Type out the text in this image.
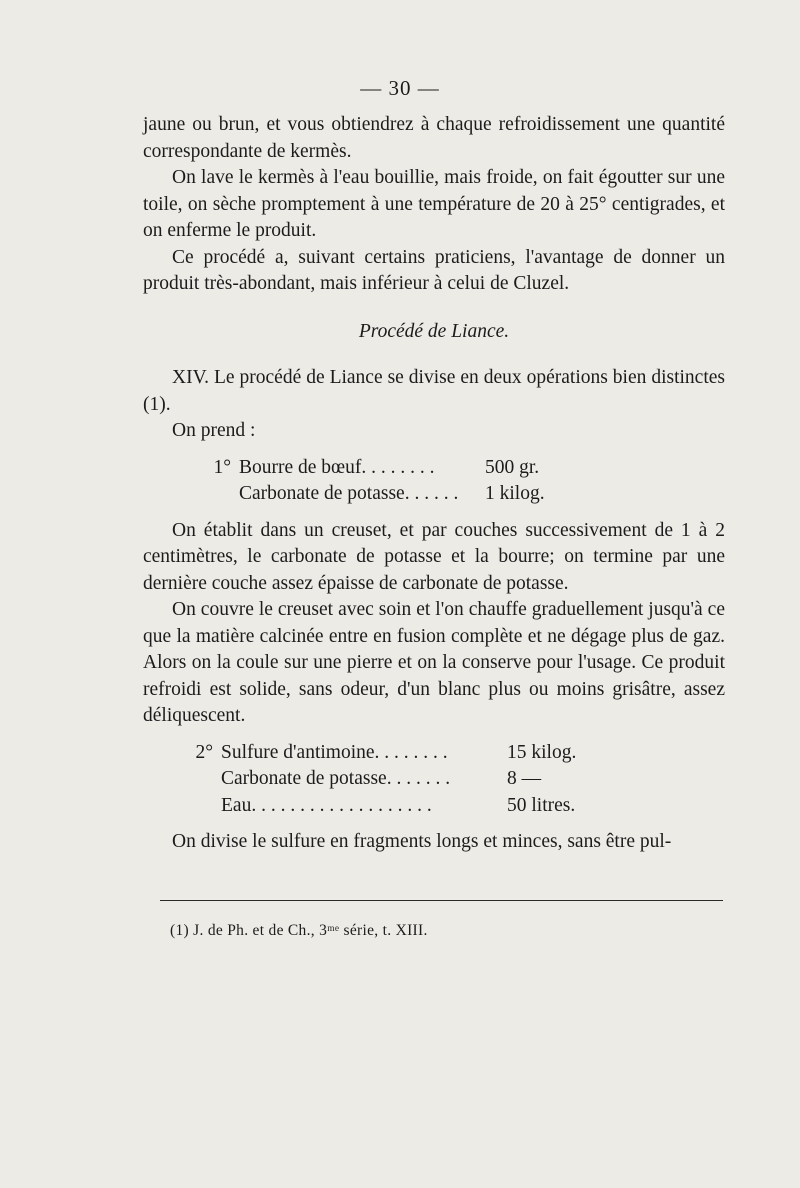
— 30 —

jaune ou brun, et vous obtiendrez à chaque refroidissement une quantité correspondante de kermès.

On lave le kermès à l'eau bouillie, mais froide, on fait égoutter sur une toile, on sèche promptement à une température de 20 à 25° centigrades, et on enferme le produit.

Ce procédé a, suivant certains praticiens, l'avantage de donner un produit très-abondant, mais inférieur à celui de Cluzel.

Procédé de Liance.

XIV. Le procédé de Liance se divise en deux opérations bien distinctes (1).

On prend :

1° Bourre de bœuf. . . . . . . .	500 gr.
Carbonate de potasse. . . . . .	1 kilog.

On établit dans un creuset, et par couches successivement de 1 à 2 centimètres, le carbonate de potasse et la bourre; on termine par une dernière couche assez épaisse de carbonate de potasse.

On couvre le creuset avec soin et l'on chauffe graduellement jusqu'à ce que la matière calcinée entre en fusion complète et ne dégage plus de gaz. Alors on la coule sur une pierre et on la conserve pour l'usage. Ce produit refroidi est solide, sans odeur, d'un blanc plus ou moins grisâtre, assez déliquescent.

2° Sulfure d'antimoine. . . . . . . .	15 kilog.
Carbonate de potasse. . . . . . .	8 —
Eau. . . . . . . . . . . . . . . . . . .	50 litres.

On divise le sulfure en fragments longs et minces, sans être pul-

(1) J. de Ph. et de Ch., 3ᵐᵉ série, t. XIII.
